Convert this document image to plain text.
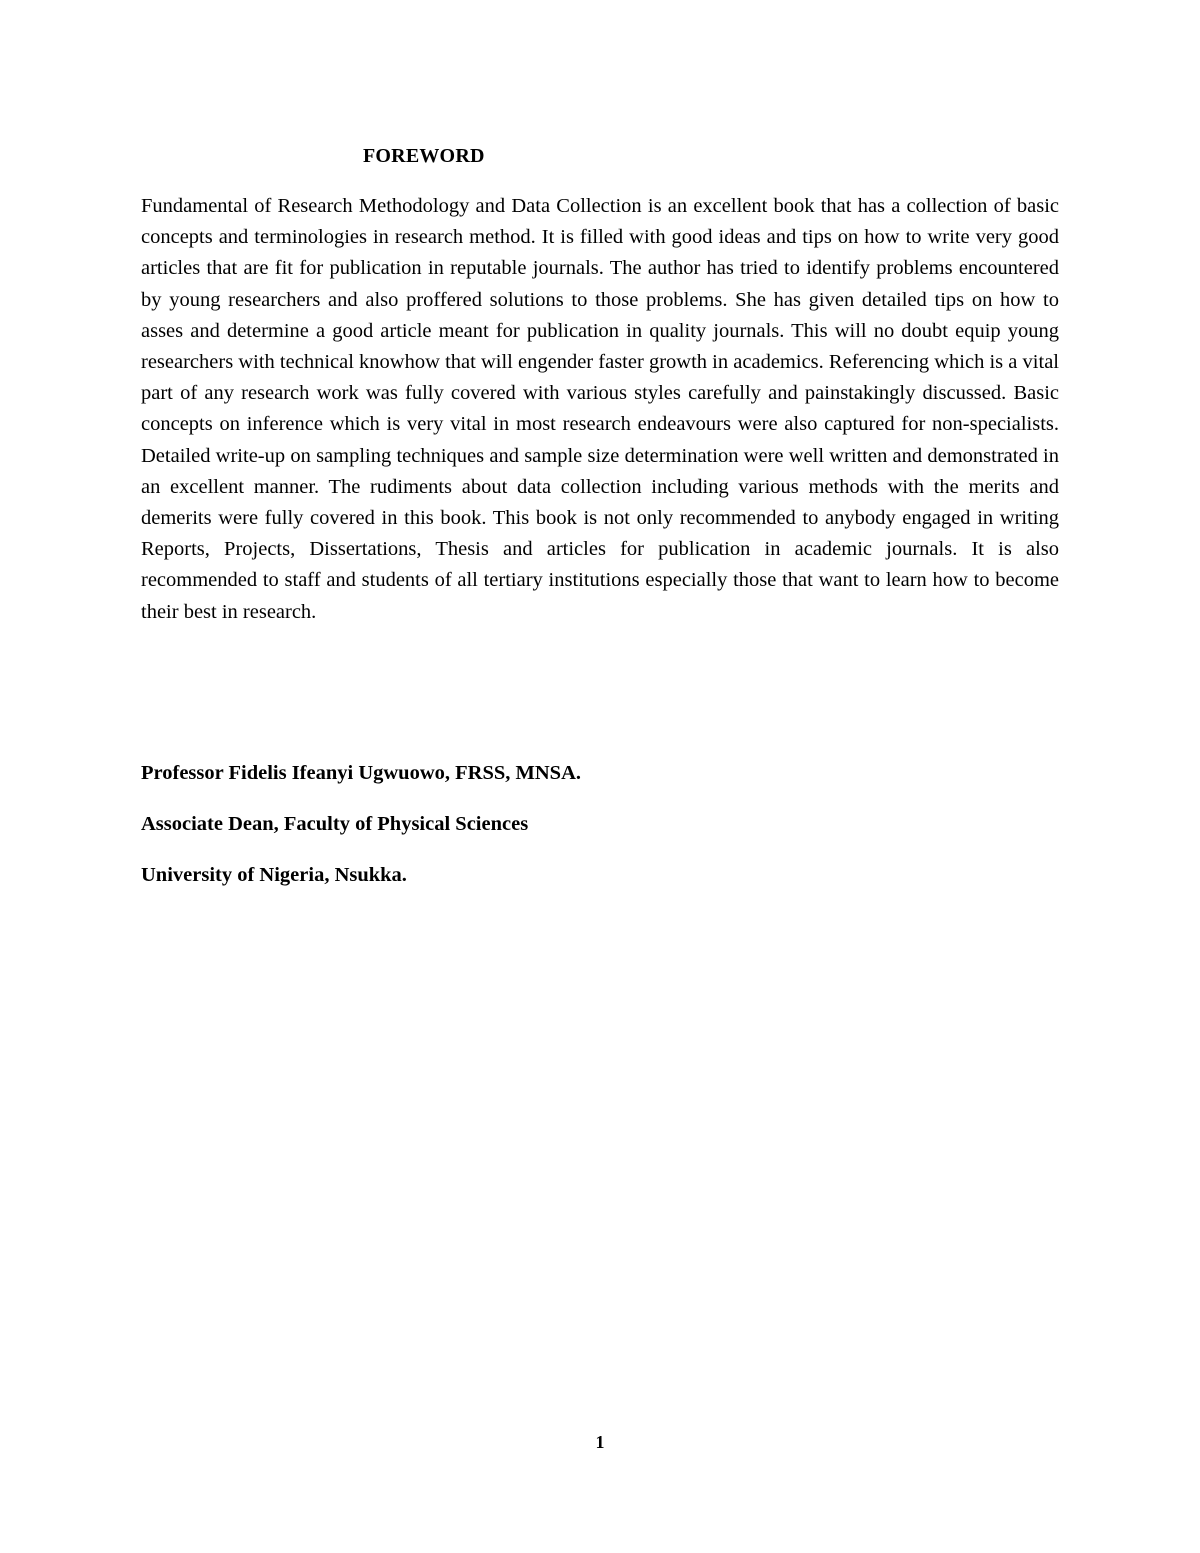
FOREWORD

Fundamental of Research Methodology and Data Collection is an excellent book that has a collection of basic concepts and terminologies in research method. It is filled with good ideas and tips on how to write very good articles that are fit for publication in reputable journals. The author has tried to identify problems encountered by young researchers and also proffered solutions to those problems. She has given detailed tips on how to asses and determine a good article meant for publication in quality journals. This will no doubt equip young researchers with technical knowhow that will engender faster growth in academics. Referencing which is a vital part of any research work was fully covered with various styles carefully and painstakingly discussed. Basic concepts on inference which is very vital in most research endeavours were also captured for non-specialists. Detailed write-up on sampling techniques and sample size determination were well written and demonstrated in an excellent manner. The rudiments about data collection including various methods with the merits and demerits were fully covered in this book. This book is not only recommended to anybody engaged in writing Reports, Projects, Dissertations, Thesis and articles for publication in academic journals. It is also recommended to staff and students of all tertiary institutions especially those that want to learn how to become their best in research.

Professor Fidelis Ifeanyi Ugwuowo, FRSS, MNSA.

Associate Dean, Faculty of Physical Sciences

University of Nigeria, Nsukka.

1
